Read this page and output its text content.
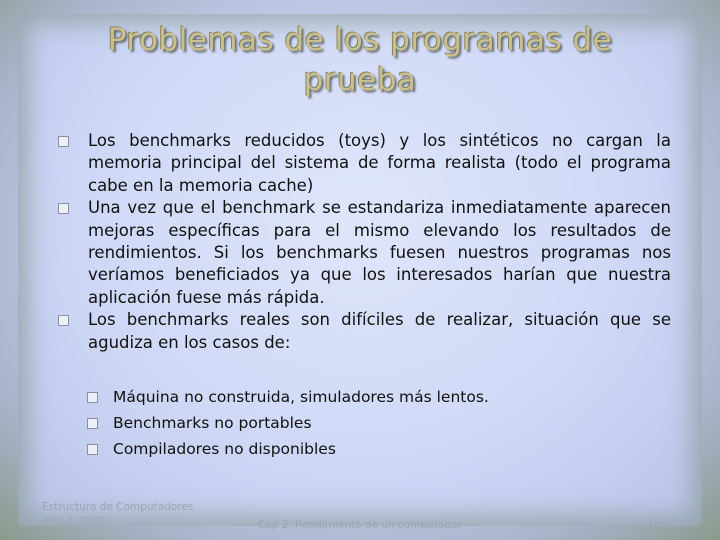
Problemas de los programas de
prueba
Los benchmarks reducidos (toys) y los sintéticos no cargan la memoria principal del sistema de forma realista (todo el programa cabe en la memoria cache)
Una vez que el benchmark se estandariza inmediatamente aparecen mejoras específicas para el mismo elevando los resultados de rendimientos. Si los benchmarks fuesen nuestros programas nos veríamos beneficiados ya que los interesados harían que nuestra aplicación fuese más rápida.
Los benchmarks reales son difíciles de realizar, situación que se agudiza en los casos de:
Máquina no construida, simuladores más lentos.
Benchmarks no portables
Compiladores no disponibles
Estructura de Computadores
(EUI-2. ITIG)	Cap 2. Rendimiento de un computador	Hoja 22
